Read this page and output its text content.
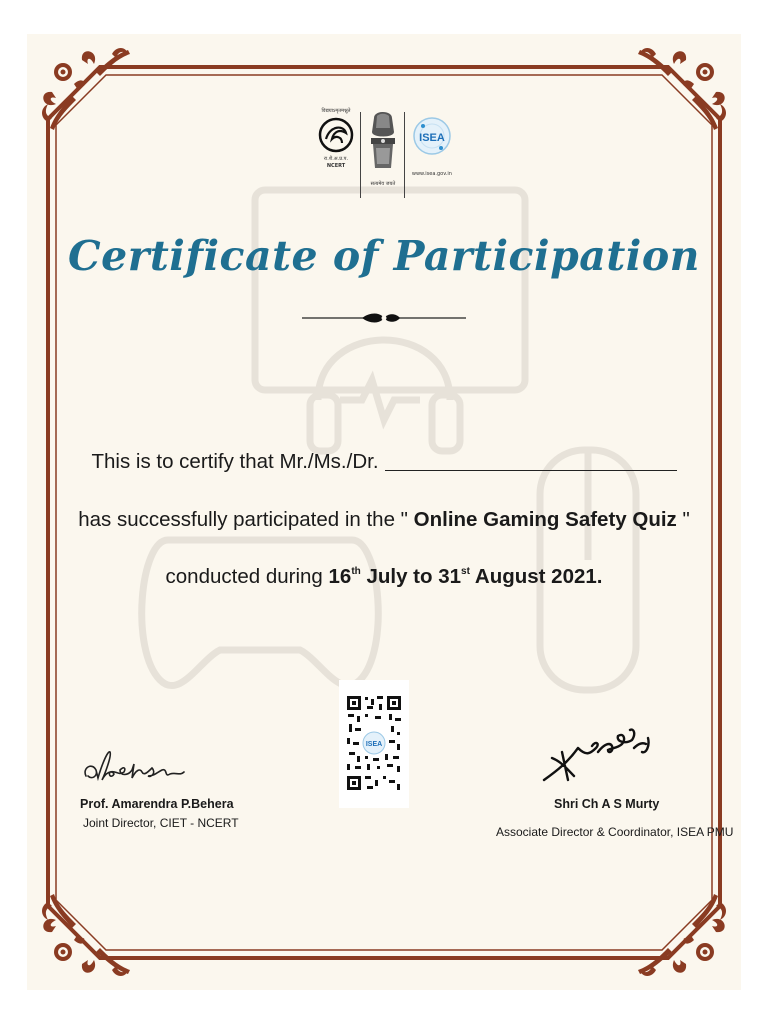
विद्ययाऽमृतमश्नुते
रा.शै.अ.प्र.प.
NCERT
सत्यमेव जयते
ISEA
www.isea.gov.in
Certificate of Participation
This is to certify that Mr./Ms./Dr.
has successfully participated in the " Online Gaming Safety Quiz "
conducted during 16th July to 31st August 2021.
ISEA
Prof. Amarendra P.Behera
Joint Director, CIET - NCERT
Shri Ch A S Murty
Associate Director & Coordinator, ISEA PMU
